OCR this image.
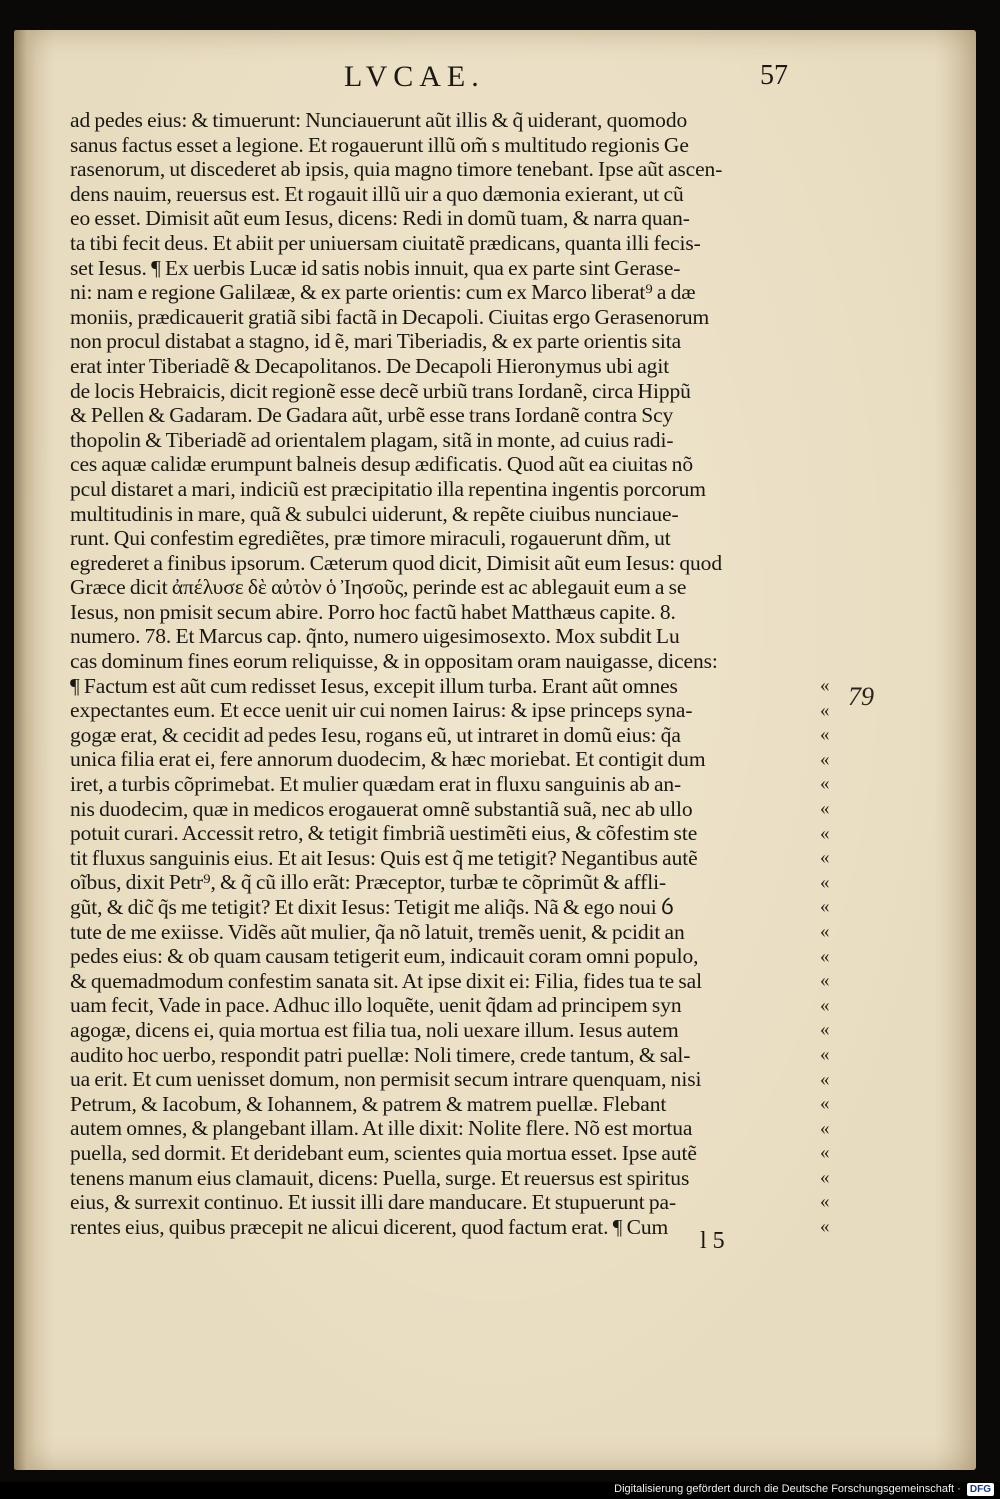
LVCAE.	57
ad pedes eius: & timuerunt: Nunciauerunt aũt illis & q̃ uiderant, quomodo
sanus factus esset a legione. Et rogauerunt illũ om̃ s multitudo regionis Ge
rasenorum, ut discederet ab ipsis, quia magno timore tenebant. Ipse aũt ascen-
dens nauim, reuersus est. Et rogauit illũ uir a quo dæmonia exierant, ut cũ
eo esset. Dimisit aũt eum Iesus, dicens: Redi in domũ tuam, & narra quan-
ta tibi fecit deus. Et abiit per uniuersam ciuitatẽ prædicans, quanta illi fecis-
set Iesus. ¶ Ex uerbis Lucæ id satis nobis innuit, qua ex parte sint Gerase-
ni: nam e regione Galilææ, & ex parte orientis: cum ex Marco liberat⁹ a dæ
moniis, prædicauerit gratiã sibi factã in Decapoli. Ciuitas ergo Gerasenorum
non procul distabat a stagno, id ẽ, mari Tiberiadis, & ex parte orientis sita
erat inter Tiberiadẽ & Decapolitanos. De Decapoli Hieronymus ubi agit
de locis Hebraicis, dicit regionẽ esse decẽ urbiũ trans Iordanẽ, circa Hippũ
& Pellen & Gadaram. De Gadara aũt, urbẽ esse trans Iordanẽ contra Scy
thopolin & Tiberiadẽ ad orientalem plagam, sitã in monte, ad cuius radi-
ces aquæ calidæ erumpunt balneis desup ædificatis. Quod aũt ea ciuitas nõ
pcul distaret a mari, indiciũ est præcipitatio illa repentina ingentis porcorum
multitudinis in mare, quã & subulci uiderunt, & repẽte ciuibus nunciaue-
runt. Qui confestim egrediẽtes, præ timore miraculi, rogauerunt dñm, ut
egrederet a finibus ipsorum. Cæterum quod dicit, Dimisit aũt eum Iesus: quod
Græce dicit ἀπέλυσε δὲ αὐτὸν ὁ Ἰησοῦς, perinde est ac ablegauit eum a se
Iesus, non pmisit secum abire. Porro hoc factũ habet Matthæus capite. 8.
numero. 78. Et Marcus cap. q̃nto, numero uigesimosexto. Mox subdit Lu
cas dominum fines eorum reliquisse, & in oppositam oram nauigasse, dicens:
¶ Factum est aũt cum redisset Iesus, excepit illum turba. Erant aũt omnes
expectantes eum. Et ecce uenit uir cui nomen Iairus: & ipse princeps syna-
gogæ erat, & cecidit ad pedes Iesu, rogans eũ, ut intraret in domũ eius: q̃a
unica filia erat ei, fere annorum duodecim, & hæc moriebat. Et contigit dum
iret, a turbis cõprimebat. Et mulier quædam erat in fluxu sanguinis ab an-
nis duodecim, quæ in medicos erogauerat omnẽ substantiã suã, nec ab ullo
potuit curari. Accessit retro, & tetigit fimbriã uestimẽti eius, & cõfestim ste
tit fluxus sanguinis eius. Et ait Iesus: Quis est q̃ me tetigit? Negantibus autẽ
oĩbus, dixit Petr⁹, & q̃ cũ illo erãt: Præceptor, turbæ te cõprimũt & affli-
gũt, & dic̃ q̃s me tetigit? Et dixit Iesus: Tetigit me aliq̃s. Nã & ego noui ỽ
tute de me exiisse. Vidẽs aũt mulier, q̃a nõ latuit, tremẽs uenit, & pcidit an
pedes eius: & ob quam causam tetigerit eum, indicauit coram omni populo,
& quemadmodum confestim sanata sit. At ipse dixit ei: Filia, fides tua te sal
uam fecit, Vade in pace. Adhuc illo loquẽte, uenit q̃dam ad principem syn
agogæ, dicens ei, quia mortua est filia tua, noli uexare illum. Iesus autem
audito hoc uerbo, respondit patri puellæ: Noli timere, crede tantum, & sal-
ua erit. Et cum uenisset domum, non permisit secum intrare quenquam, nisi
Petrum, & Iacobum, & Iohannem, & patrem & matrem puellæ. Flebant
autem omnes, & plangebant illam. At ille dixit: Nolite flere. Nõ est mortua
puella, sed dormit. Et deridebant eum, scientes quia mortua esset. Ipse autẽ
tenens manum eius clamauit, dicens: Puella, surge. Et reuersus est spiritus
eius, & surrexit continuo. Et iussit illi dare manducare. Et stupuerunt pa-
rentes eius, quibus præcepit ne alicui dicerent, quod factum erat. ¶ Cum
«
«
«
«
«
«
«
«
«
«
«
«
«
«
«
«
«
«
«
«
«
«
«
79
l 5
Digitalisierung gefördert durch die Deutsche Forschungsgemeinschaft · DFG
